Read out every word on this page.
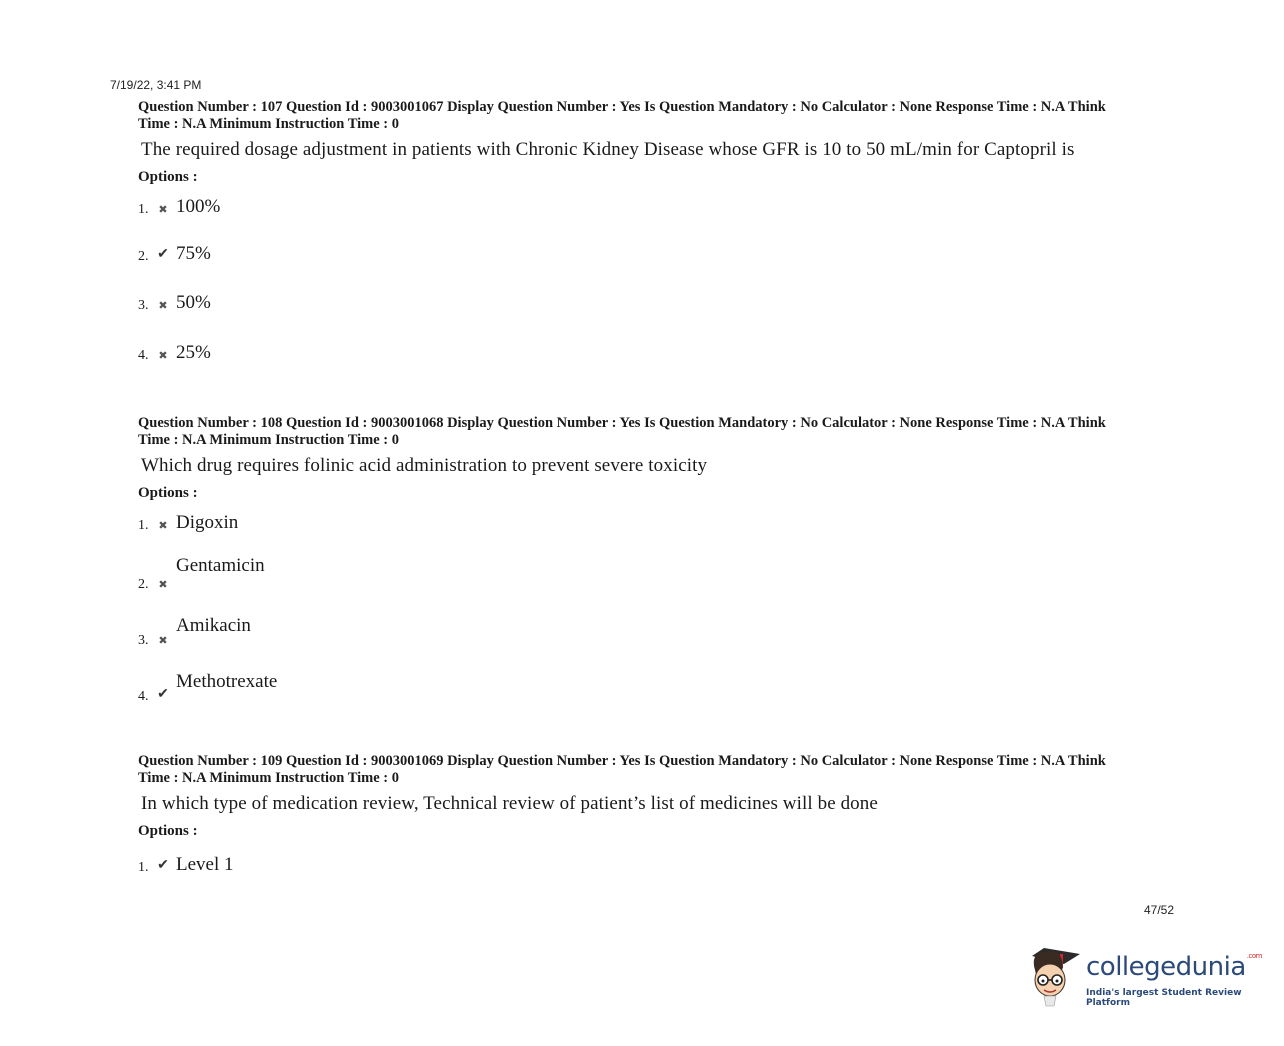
7/19/22, 3:41 PM
Question Number : 107 Question Id : 9003001067 Display Question Number : Yes Is Question Mandatory : No Calculator : None Response Time : N.A Think
Time : N.A Minimum Instruction Time : 0
The required dosage adjustment in patients with Chronic Kidney Disease whose GFR is 10 to 50 mL/min for Captopril is
Options :
1. ✖ 100%
2. ✔ 75%
3. ✖ 50%
4. ✖ 25%
Question Number : 108 Question Id : 9003001068 Display Question Number : Yes Is Question Mandatory : No Calculator : None Response Time : N.A Think
Time : N.A Minimum Instruction Time : 0
Which drug requires folinic acid administration to prevent severe toxicity
Options :
1. ✖ Digoxin
2. ✖
Gentamicin
3. ✖
Amikacin
4. ✔
Methotrexate
Question Number : 109 Question Id : 9003001069 Display Question Number : Yes Is Question Mandatory : No Calculator : None Response Time : N.A Think
Time : N.A Minimum Instruction Time : 0
In which type of medication review, Technical review of patient’s list of medicines will be done
Options :
1. ✔ Level 1
47/52
collegedunia$^{.com}$
India's largest Student Review Platform
